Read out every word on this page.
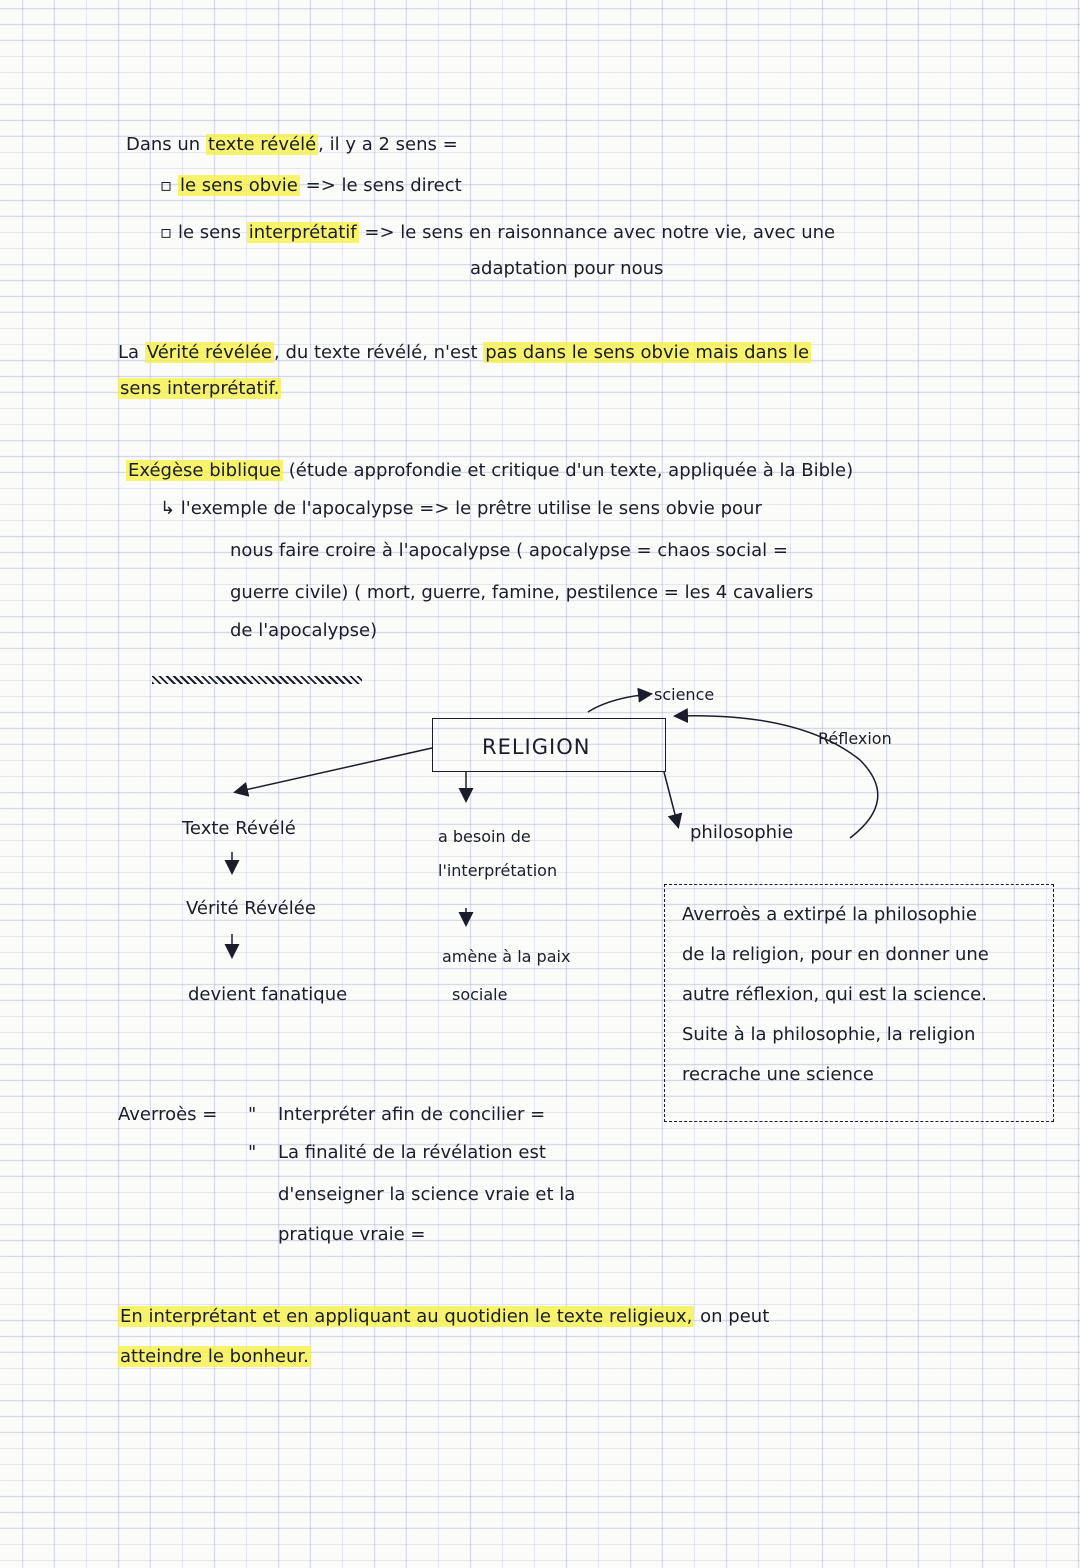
Dans un texte révélé , il y a 2 sens =
▫ le sens obvie => le sens direct
▫ le sens interprétatif => le sens en raisonnance avec notre vie, avec une
adaptation pour nous
La Vérité révélée , du texte révélé, n'est pas dans le sens obvie mais dans le
sens interprétatif.
Exégèse biblique (étude approfondie et critique d'un texte, appliquée à la Bible)
↳ l'exemple de l'apocalypse => le prêtre utilise le sens obvie pour
nous faire croire à l'apocalypse ( apocalypse = chaos social =
guerre civile) ( mort, guerre, famine, pestilence = les 4 cavaliers
de l'apocalypse)
RELIGION
science
Réflexion
philosophie
Texte Révélé
Vérité Révélée
devient fanatique
a besoin de
l'interprétation
amène à la paix
sociale
Averroès a extirpé la philosophie
de la religion, pour en donner une
autre réflexion, qui est la science.
Suite à la philosophie, la religion
recrache une science
Averroès = " Interpréter afin de concilier =
" La finalité de la révélation est
d'enseigner la science vraie et la
pratique vraie =
En interprétant et en appliquant au quotidien le texte religieux, on peut
atteindre le bonheur.
